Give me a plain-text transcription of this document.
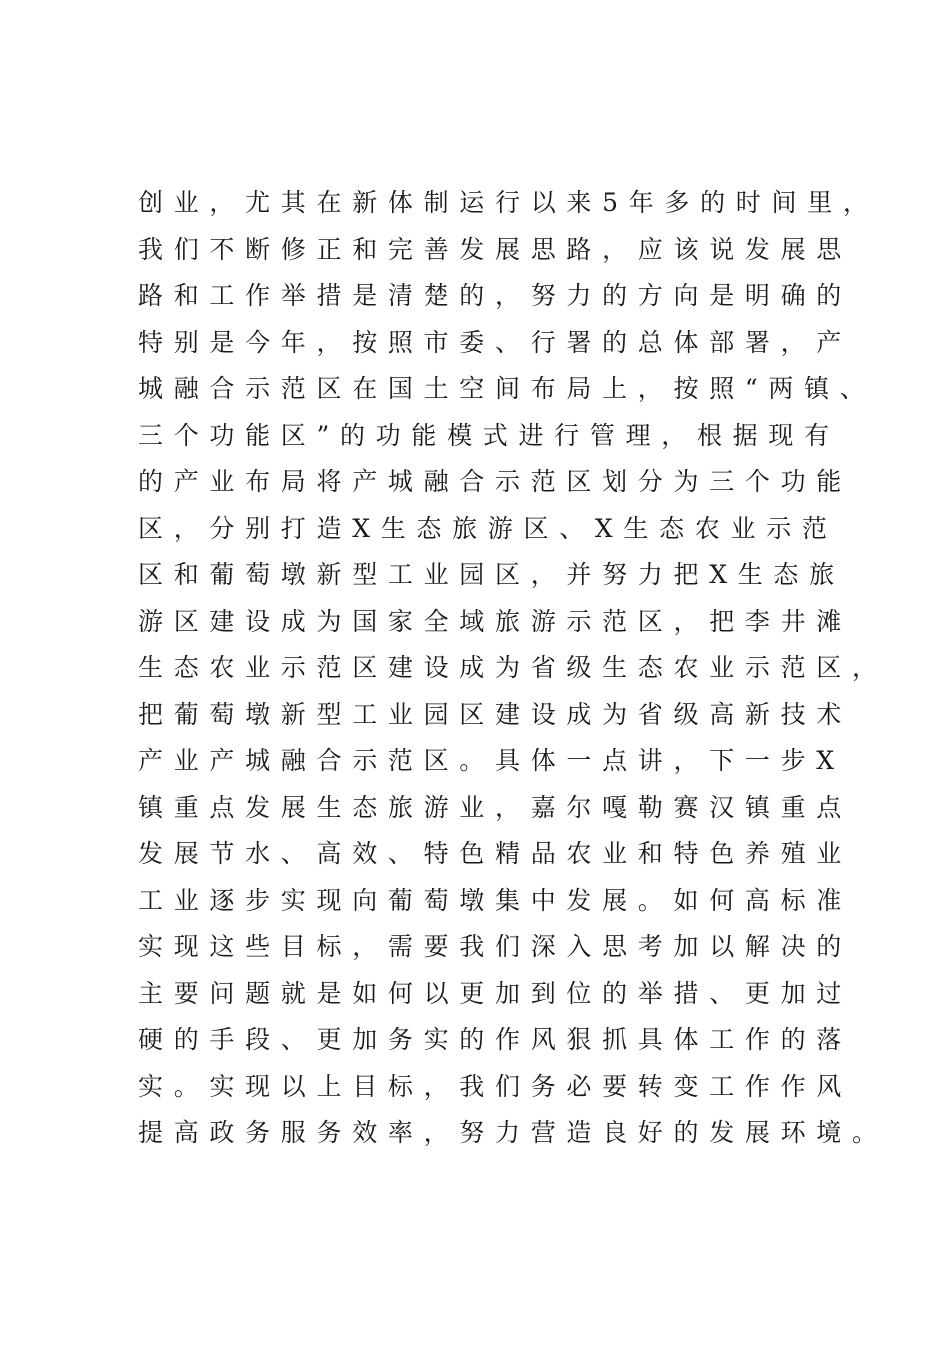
创业，尤其在新体制运行以来5年多的时间里，
我们不断修正和完善发展思路，应该说发展思
路和工作举措是清楚的，努力的方向是明确的
特别是今年，按照市委、行署的总体部署，产
城融合示范区在国土空间布局上，按照“两镇、
三个功能区”的功能模式进行管理，根据现有
的产业布局将产城融合示范区划分为三个功能
区，分别打造X生态旅游区、X生态农业示范
区和葡萄墩新型工业园区，并努力把X生态旅
游区建设成为国家全域旅游示范区，把李井滩
生态农业示范区建设成为省级生态农业示范区，
把葡萄墩新型工业园区建设成为省级高新技术
产业产城融合示范区。具体一点讲，下一步X
镇重点发展生态旅游业，嘉尔嘎勒赛汉镇重点
发展节水、高效、特色精品农业和特色养殖业
工业逐步实现向葡萄墩集中发展。如何高标准
实现这些目标，需要我们深入思考加以解决的
主要问题就是如何以更加到位的举措、更加过
硬的手段、更加务实的作风狠抓具体工作的落
实。实现以上目标，我们务必要转变工作作风
提高政务服务效率，努力营造良好的发展环境。
